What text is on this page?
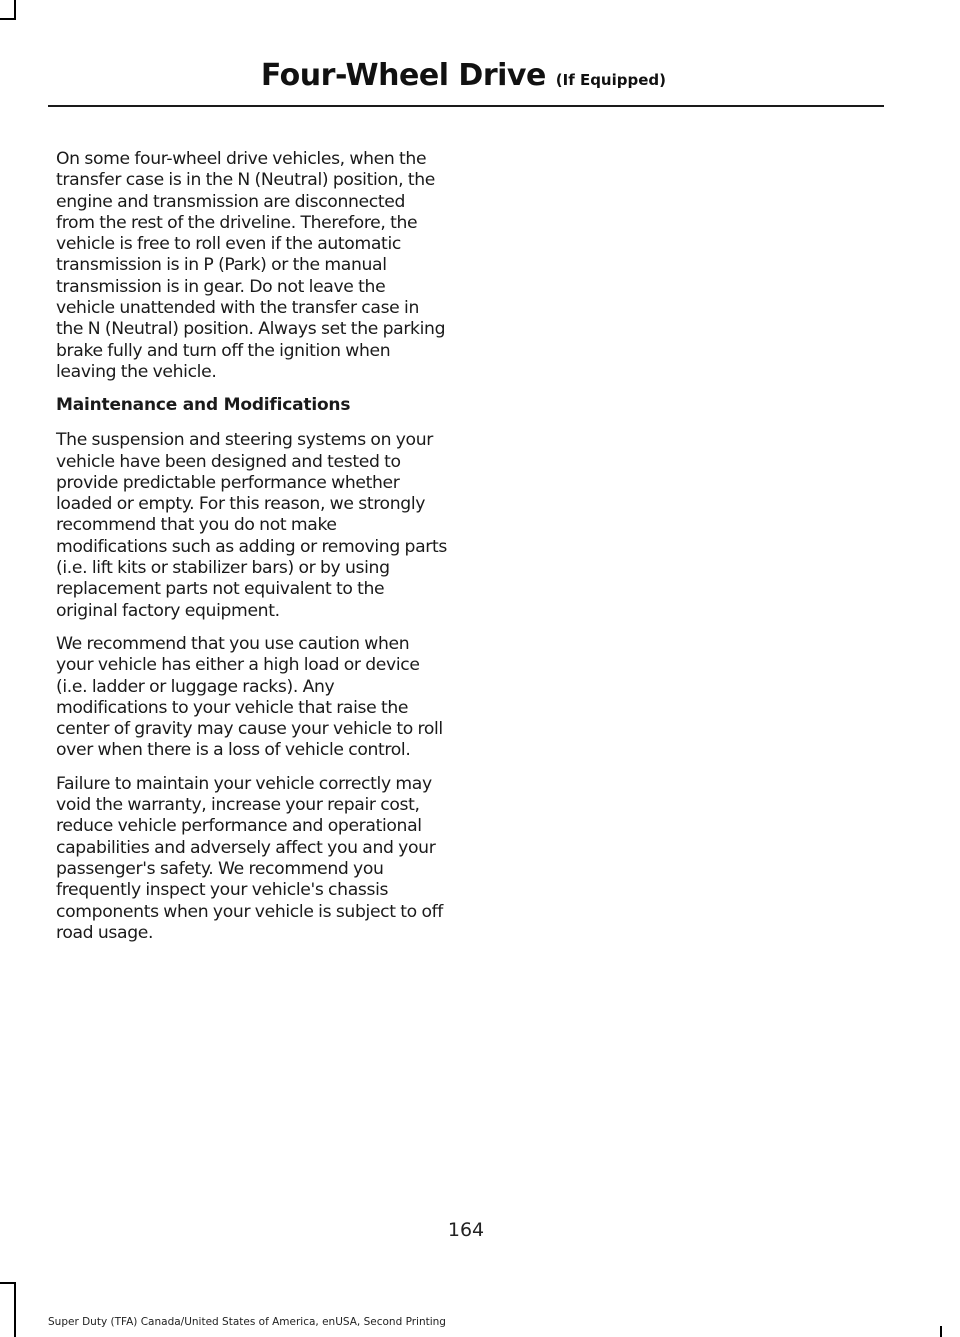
Four-Wheel Drive (If Equipped)

On some four-wheel drive vehicles, when the transfer case is in the N (Neutral) position, the engine and transmission are disconnected from the rest of the driveline. Therefore, the vehicle is free to roll even if the automatic transmission is in P (Park) or the manual transmission is in gear. Do not leave the vehicle unattended with the transfer case in the N (Neutral) position. Always set the parking brake fully and turn off the ignition when leaving the vehicle.

Maintenance and Modifications

The suspension and steering systems on your vehicle have been designed and tested to provide predictable performance whether loaded or empty. For this reason, we strongly recommend that you do not make modifications such as adding or removing parts (i.e. lift kits or stabilizer bars) or by using replacement parts not equivalent to the original factory equipment.

We recommend that you use caution when your vehicle has either a high load or device (i.e. ladder or luggage racks). Any modifications to your vehicle that raise the center of gravity may cause your vehicle to roll over when there is a loss of vehicle control.

Failure to maintain your vehicle correctly may void the warranty, increase your repair cost, reduce vehicle performance and operational capabilities and adversely affect you and your passenger's safety. We recommend you frequently inspect your vehicle's chassis components when your vehicle is subject to off road usage.

164
Super Duty (TFA) Canada/United States of America, enUSA, Second Printing
